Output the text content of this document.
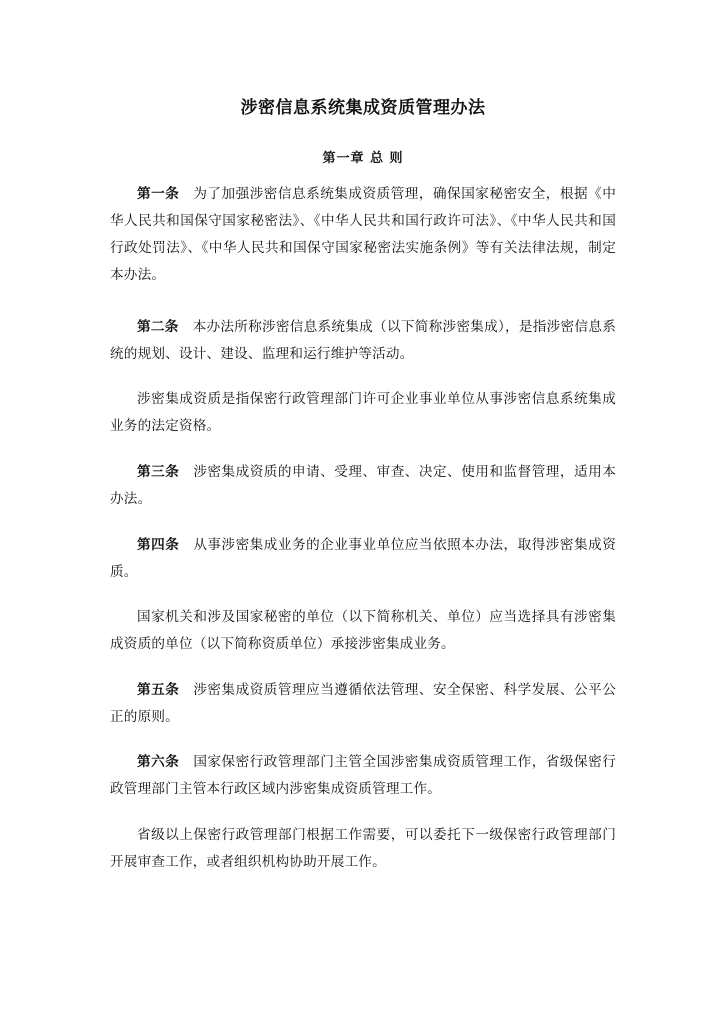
涉密信息系统集成资质管理办法
第一章 总 则
第一条 为了加强涉密信息系统集成资质管理，确保国家秘密安全，根据《中华人民共和国保守国家秘密法》、《中华人民共和国行政许可法》、《中华人民共和国行政处罚法》、《中华人民共和国保守国家秘密法实施条例》等有关法律法规，制定本办法。
第二条 本办法所称涉密信息系统集成（以下简称涉密集成），是指涉密信息系统的规划、设计、建设、监理和运行维护等活动。
涉密集成资质是指保密行政管理部门许可企业事业单位从事涉密信息系统集成业务的法定资格。
第三条 涉密集成资质的申请、受理、审查、决定、使用和监督管理，适用本办法。
第四条 从事涉密集成业务的企业事业单位应当依照本办法，取得涉密集成资质。
国家机关和涉及国家秘密的单位（以下简称机关、单位）应当选择具有涉密集成资质的单位（以下简称资质单位）承接涉密集成业务。
第五条 涉密集成资质管理应当遵循依法管理、安全保密、科学发展、公平公正的原则。
第六条 国家保密行政管理部门主管全国涉密集成资质管理工作，省级保密行政管理部门主管本行政区域内涉密集成资质管理工作。
省级以上保密行政管理部门根据工作需要，可以委托下一级保密行政管理部门开展审查工作，或者组织机构协助开展工作。
